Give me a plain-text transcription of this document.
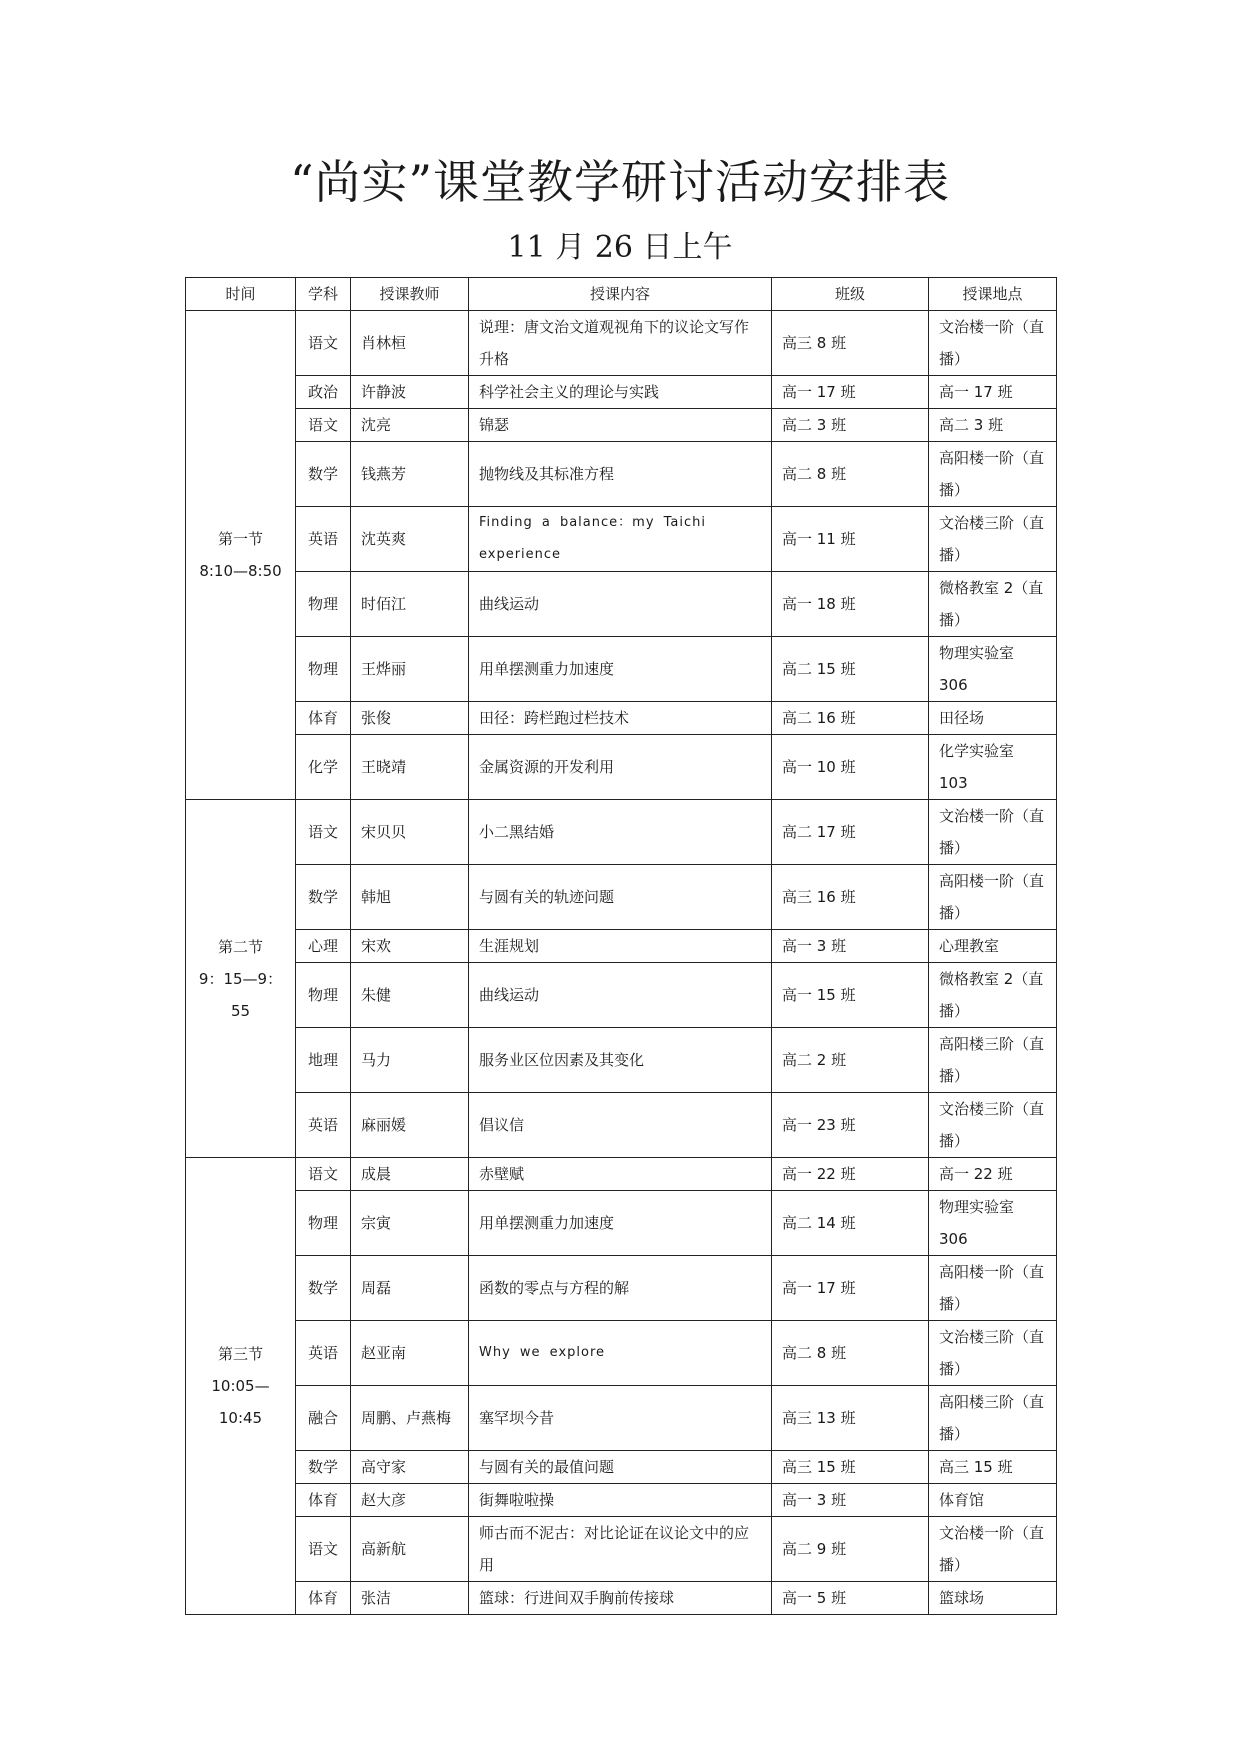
“尚实”课堂教学研讨活动安排表
11 月 26 日上午
时间	学科	授课教师	授课内容	班级	授课地点

第一节
8:10—8:50	语文	肖林桓	说理：唐文治文道观视角下的议论文写作升格	高三 8 班	文治楼一阶（直播）
	政治	许静波	科学社会主义的理论与实践	高一 17 班	高一 17 班
	语文	沈亮	锦瑟	高二 3 班	高二 3 班
	数学	钱燕芳	抛物线及其标准方程	高二 8 班	高阳楼一阶（直播）
	英语	沈英爽	Finding a balance：my Taichi experience	高一 11 班	文治楼三阶（直播）
	物理	时佰江	曲线运动	高一 18 班	微格教室 2（直播）
	物理	王烨丽	用单摆测重力加速度	高二 15 班	物理实验室 306
	体育	张俊	田径：跨栏跑过栏技术	高二 16 班	田径场
	化学	王晓靖	金属资源的开发利用	高一 10 班	化学实验室 103

第二节
9：15—9：55	语文	宋贝贝	小二黑结婚	高二 17 班	文治楼一阶（直播）
	数学	韩旭	与圆有关的轨迹问题	高三 16 班	高阳楼一阶（直播）
	心理	宋欢	生涯规划	高一 3 班	心理教室
	物理	朱健	曲线运动	高一 15 班	微格教室 2（直播）
	地理	马力	服务业区位因素及其变化	高二 2 班	高阳楼三阶（直播）
	英语	麻丽媛	倡议信	高一 23 班	文治楼三阶（直播）

第三节
10:05—10:45	语文	成晨	赤壁赋	高一 22 班	高一 22 班
	物理	宗寅	用单摆测重力加速度	高二 14 班	物理实验室 306
	数学	周磊	函数的零点与方程的解	高一 17 班	高阳楼一阶（直播）
	英语	赵亚南	Why we explore	高二 8 班	文治楼三阶（直播）
	融合	周鹏、卢燕梅	塞罕坝今昔	高三 13 班	高阳楼三阶（直播）
	数学	高守家	与圆有关的最值问题	高三 15 班	高三 15 班
	体育	赵大彦	街舞啦啦操	高一 3 班	体育馆
	语文	高新航	师古而不泥古：对比论证在议论文中的应用	高二 9 班	文治楼一阶（直播）
	体育	张洁	篮球：行进间双手胸前传接球	高一 5 班	篮球场
